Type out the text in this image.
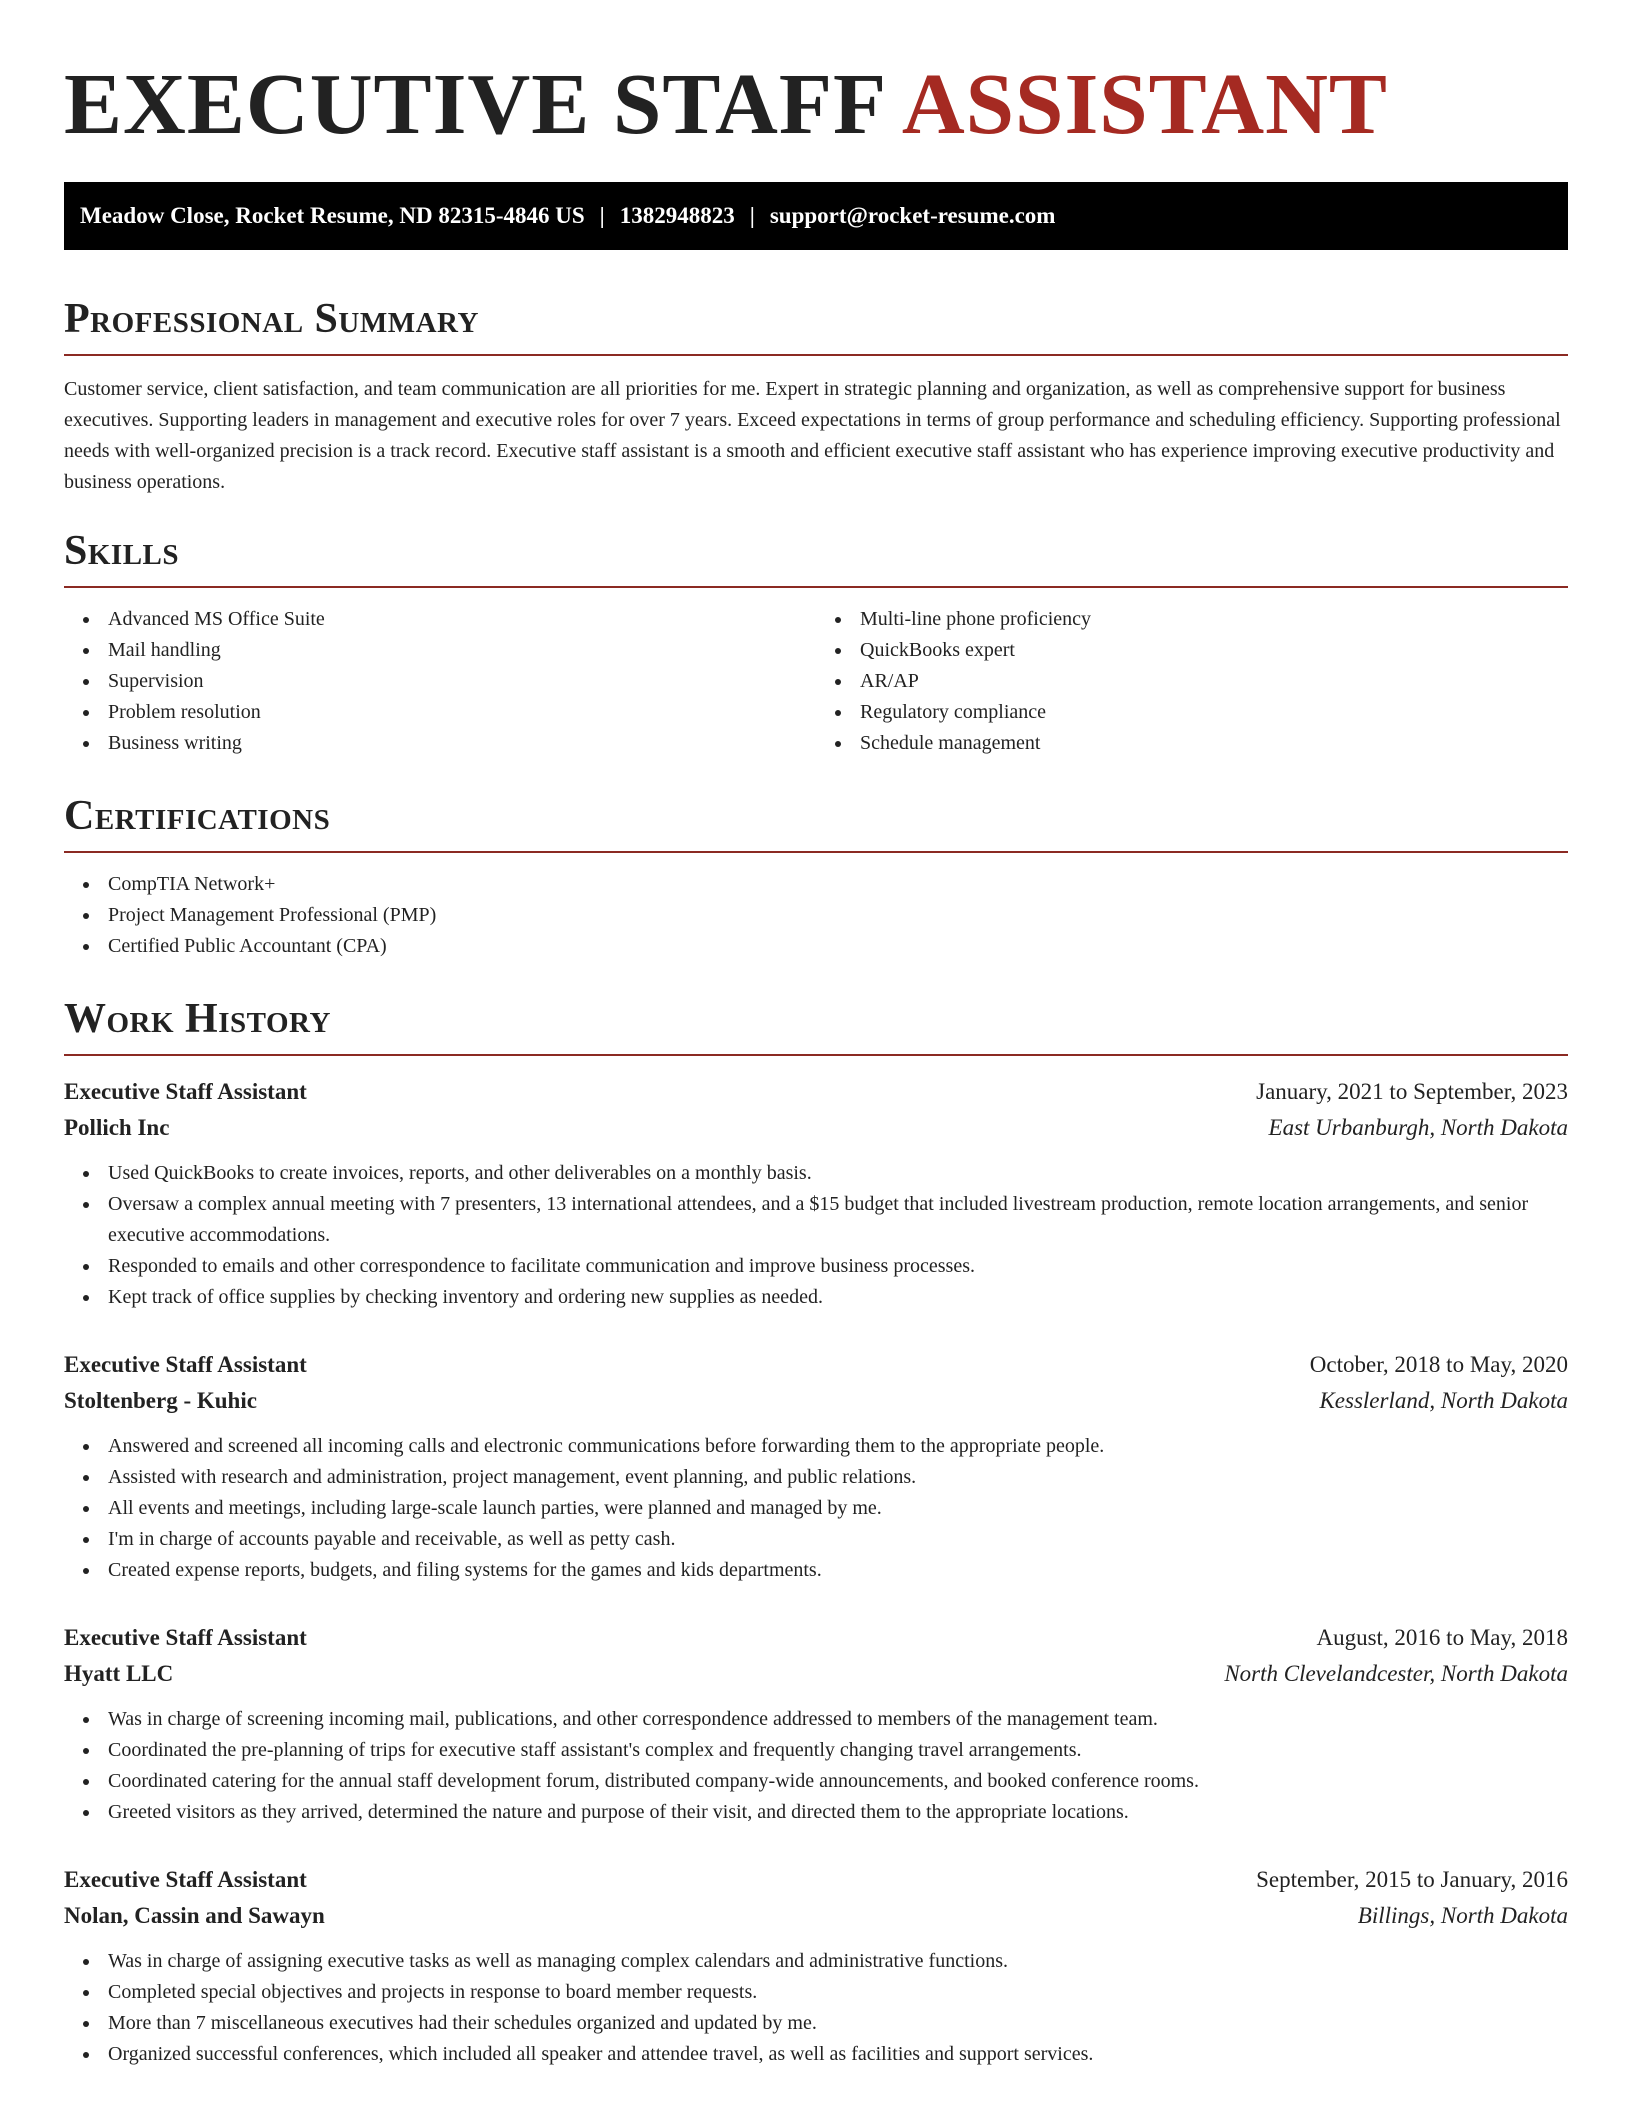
EXECUTIVE STAFF ASSISTANT
Meadow Close, Rocket Resume, ND 82315-4846 US | 1382948823 | support@rocket-resume.com
Professional Summary

Customer service, client satisfaction, and team communication are all priorities for me. Expert in strategic planning and organization, as well as comprehensive support for business executives. Supporting leaders in management and executive roles for over 7 years. Exceed expectations in terms of group performance and scheduling efficiency. Supporting professional needs with well-organized precision is a track record. Executive staff assistant is a smooth and efficient executive staff assistant who has experience improving executive productivity and business operations.

Skills
Advanced MS Office Suite
Mail handling
Supervision
Problem resolution
Business writing
Multi-line phone proficiency
QuickBooks expert
AR/AP
Regulatory compliance
Schedule management
Certifications
CompTIA Network+
Project Management Professional (PMP)
Certified Public Accountant (CPA)
Work History
Executive Staff Assistant	January, 2021 to September, 2023
Pollich Inc	East Urbanburgh, North Dakota
Used QuickBooks to create invoices, reports, and other deliverables on a monthly basis.
Oversaw a complex annual meeting with 7 presenters, 13 international attendees, and a $15 budget that included livestream production, remote location arrangements, and senior executive accommodations.
Responded to emails and other correspondence to facilitate communication and improve business processes.
Kept track of office supplies by checking inventory and ordering new supplies as needed.
Executive Staff Assistant	October, 2018 to May, 2020
Stoltenberg - Kuhic	Kesslerland, North Dakota
Answered and screened all incoming calls and electronic communications before forwarding them to the appropriate people.
Assisted with research and administration, project management, event planning, and public relations.
All events and meetings, including large-scale launch parties, were planned and managed by me.
I'm in charge of accounts payable and receivable, as well as petty cash.
Created expense reports, budgets, and filing systems for the games and kids departments.
Executive Staff Assistant	August, 2016 to May, 2018
Hyatt LLC	North Clevelandcester, North Dakota
Was in charge of screening incoming mail, publications, and other correspondence addressed to members of the management team.
Coordinated the pre-planning of trips for executive staff assistant's complex and frequently changing travel arrangements.
Coordinated catering for the annual staff development forum, distributed company-wide announcements, and booked conference rooms.
Greeted visitors as they arrived, determined the nature and purpose of their visit, and directed them to the appropriate locations.
Executive Staff Assistant	September, 2015 to January, 2016
Nolan, Cassin and Sawayn	Billings, North Dakota
Was in charge of assigning executive tasks as well as managing complex calendars and administrative functions.
Completed special objectives and projects in response to board member requests.
More than 7 miscellaneous executives had their schedules organized and updated by me.
Organized successful conferences, which included all speaker and attendee travel, as well as facilities and support services.
